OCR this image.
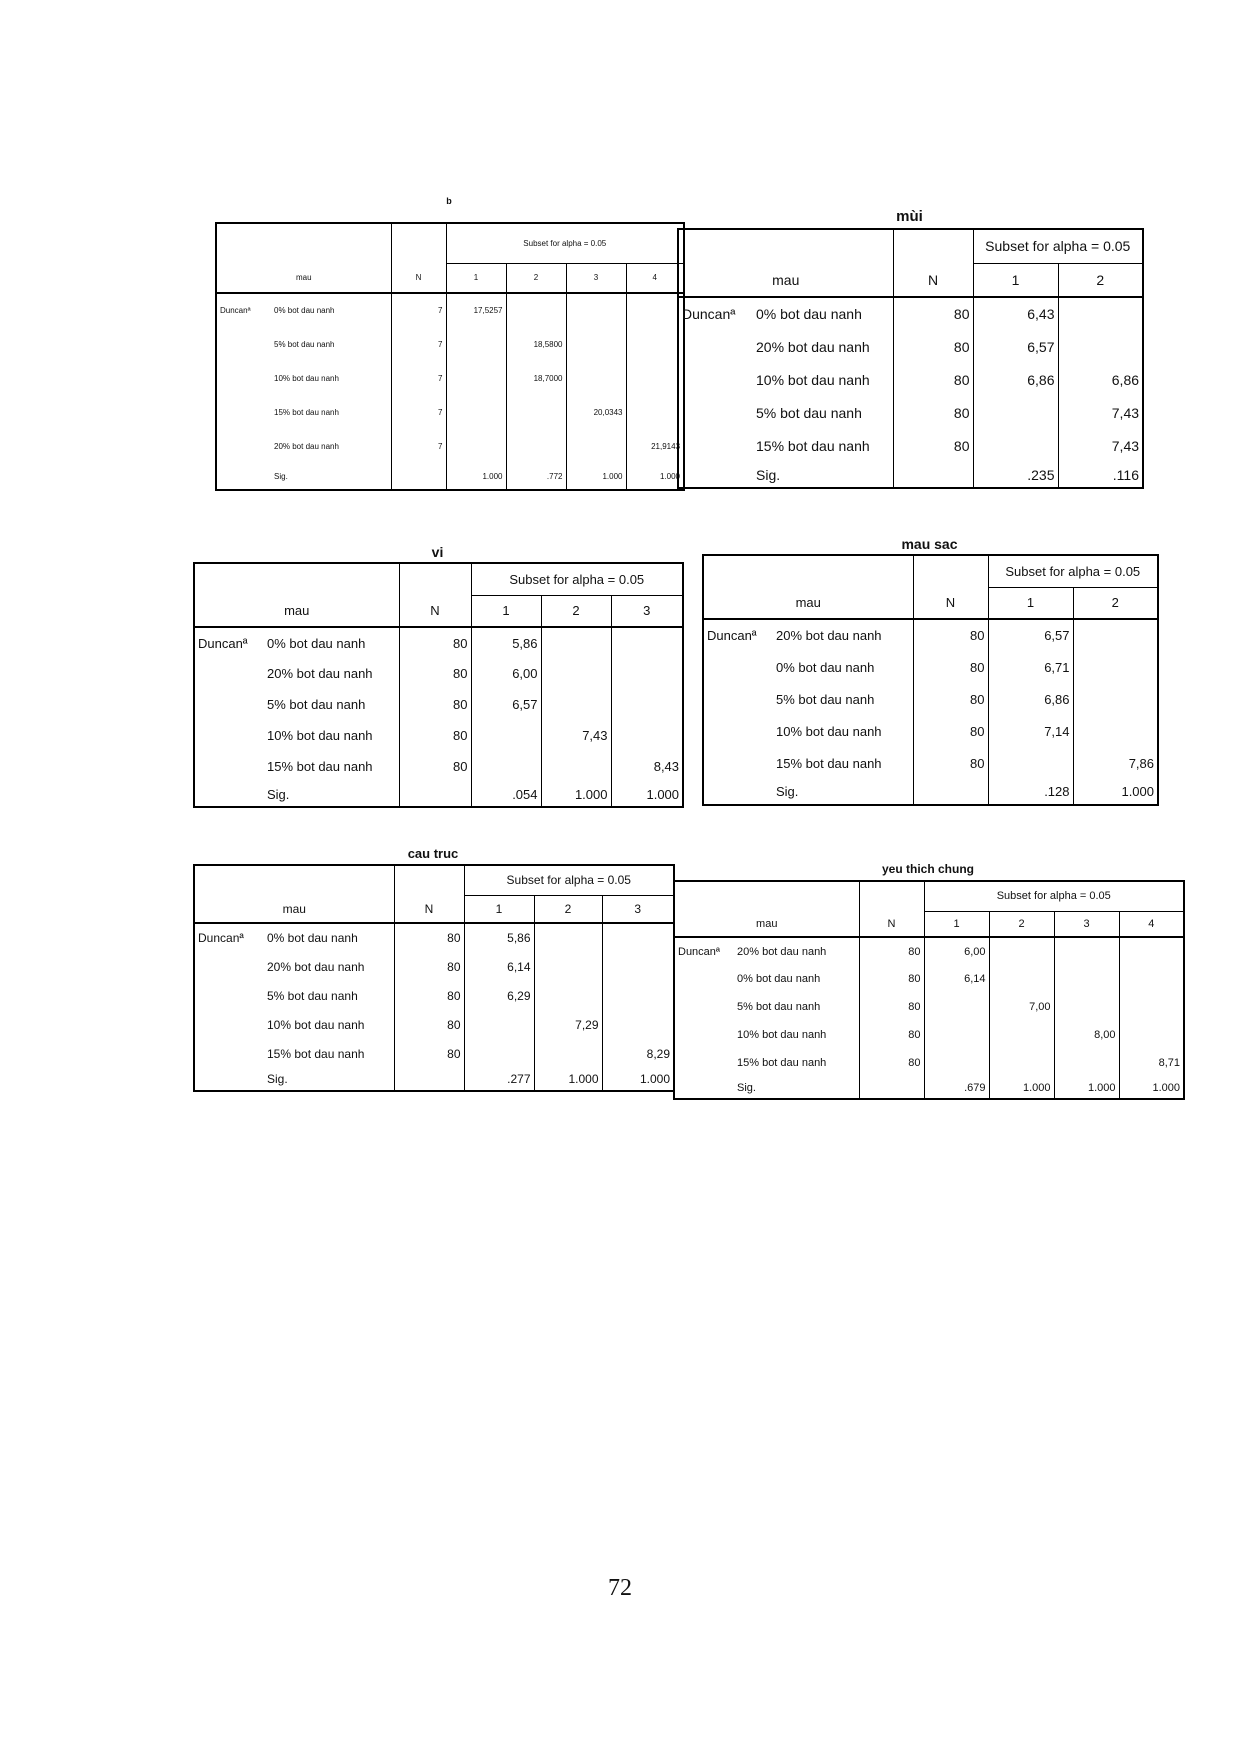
b
			Subset for alpha = 0.05			
mau		N	1	2	3	4
Duncanª	0% bot dau nanh	7	17,5257			
	5% bot dau nanh	7		18,5800		
	10% bot dau nanh	7		18,7000		
	15% bot dau nanh	7			20,0343	
	20% bot dau nanh	7				21,9143
	Sig.		1.000	.772	1.000	1.000
mùi
			Subset for alpha = 0.05	
mau		N	1	2
Duncanª	0% bot dau nanh	80	6,43	
	20% bot dau nanh	80	6,57	
	10% bot dau nanh	80	6,86	6,86
	5% bot dau nanh	80		7,43
	15% bot dau nanh	80		7,43
	Sig.		.235	.116
vi
			Subset for alpha = 0.05		
mau		N	1	2	3
Duncanª	0% bot dau nanh	80	5,86		
	20% bot dau nanh	80	6,00		
	5% bot dau nanh	80	6,57		
	10% bot dau nanh	80		7,43	
	15% bot dau nanh	80			8,43
	Sig.		.054	1.000	1.000
mau sac
			Subset for alpha = 0.05	
mau		N	1	2
Duncanª	20% bot dau nanh	80	6,57	
	0% bot dau nanh	80	6,71	
	5% bot dau nanh	80	6,86	
	10% bot dau nanh	80	7,14	
	15% bot dau nanh	80		7,86
	Sig.		.128	1.000
cau truc
			Subset for alpha = 0.05		
mau		N	1	2	3
Duncanª	0% bot dau nanh	80	5,86		
	20% bot dau nanh	80	6,14		
	5% bot dau nanh	80	6,29		
	10% bot dau nanh	80		7,29	
	15% bot dau nanh	80			8,29
	Sig.		.277	1.000	1.000
yeu thich chung
			Subset for alpha = 0.05			
mau		N	1	2	3	4
Duncanª	20% bot dau nanh	80	6,00			
	0% bot dau nanh	80	6,14			
	5% bot dau nanh	80		7,00		
	10% bot dau nanh	80			8,00	
	15% bot dau nanh	80				8,71
	Sig.		.679	1.000	1.000	1.000
72
